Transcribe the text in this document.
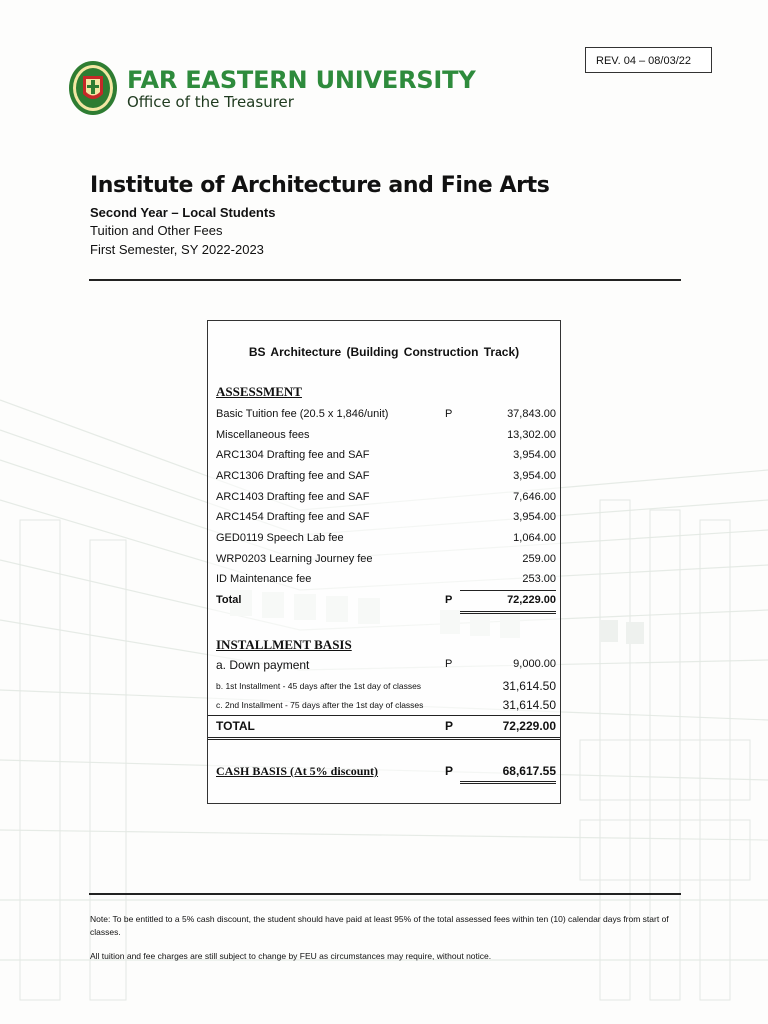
REV. 04 – 08/03/22
FAR EASTERN UNIVERSITY
Office of the Treasurer
Institute of Architecture and Fine Arts
Second Year – Local Students
Tuition and Other Fees
First Semester, SY 2022-2023
BS Architecture (Building Construction Track)
ASSESSMENT
Basic Tuition fee (20.5 x 1,846/unit)	P	37,843.00
Miscellaneous fees	13,302.00
ARC1304 Drafting fee and SAF	3,954.00
ARC1306 Drafting fee and SAF	3,954.00
ARC1403 Drafting fee and SAF	7,646.00
ARC1454 Drafting fee and SAF	3,954.00
GED0119 Speech Lab fee	1,064.00
WRP0203 Learning Journey fee	259.00
ID Maintenance fee	253.00
Total	P	72,229.00
INSTALLMENT BASIS
a. Down payment	P	9,000.00
b. 1st Installment - 45 days after the 1st day of classes	31,614.50
c. 2nd Installment - 75 days after the 1st day of classes	31,614.50
TOTAL	P	72,229.00
CASH BASIS (At 5% discount)	P	68,617.55
Note: To be entitled to a 5% cash discount, the student should have paid at least 95% of the total assessed fees within ten (10) calendar days from start of classes.
All tuition and fee charges are still subject to change by FEU as circumstances may require, without notice.
